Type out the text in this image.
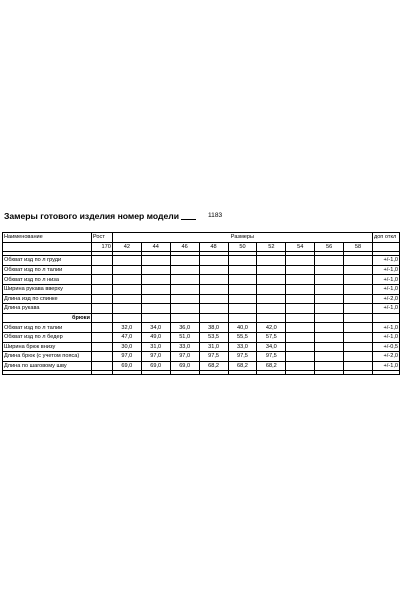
Замеры готового изделия номер модели	1183
Наименование	Рост	Размеры									доп откл
	170	42	44	46	48	50	52	54	56	58	

Обхват изд по л груди											+/-1,0
Обхват изд по л талии											+/-1,0
Обхват изд по л низа											+/-1,0
Ширина рукава вверху											+/-1,0
Длина изд по спинке											+/-2,0
Длина рукава											+/-1,0
брюки											
Обхват изд по л талии		32,0	34,0	36,0	38,0	40,0	42,0				+/-1,0
Обхват изд по л бедер		47,0	49,0	51,0	53,5	55,5	57,5				+/-1,0
Ширина брюк внизу		30,0	31,0	33,0	31,0	33,0	34,0				+/-0,5
Длина брюк (с учетом пояса)		97,0	97,0	97,0	97,5	97,5	97,5				+/-2,0
Длина по шаговому шву		69,0	69,0	69,0	68,2	68,2	68,2				+/-1,0
